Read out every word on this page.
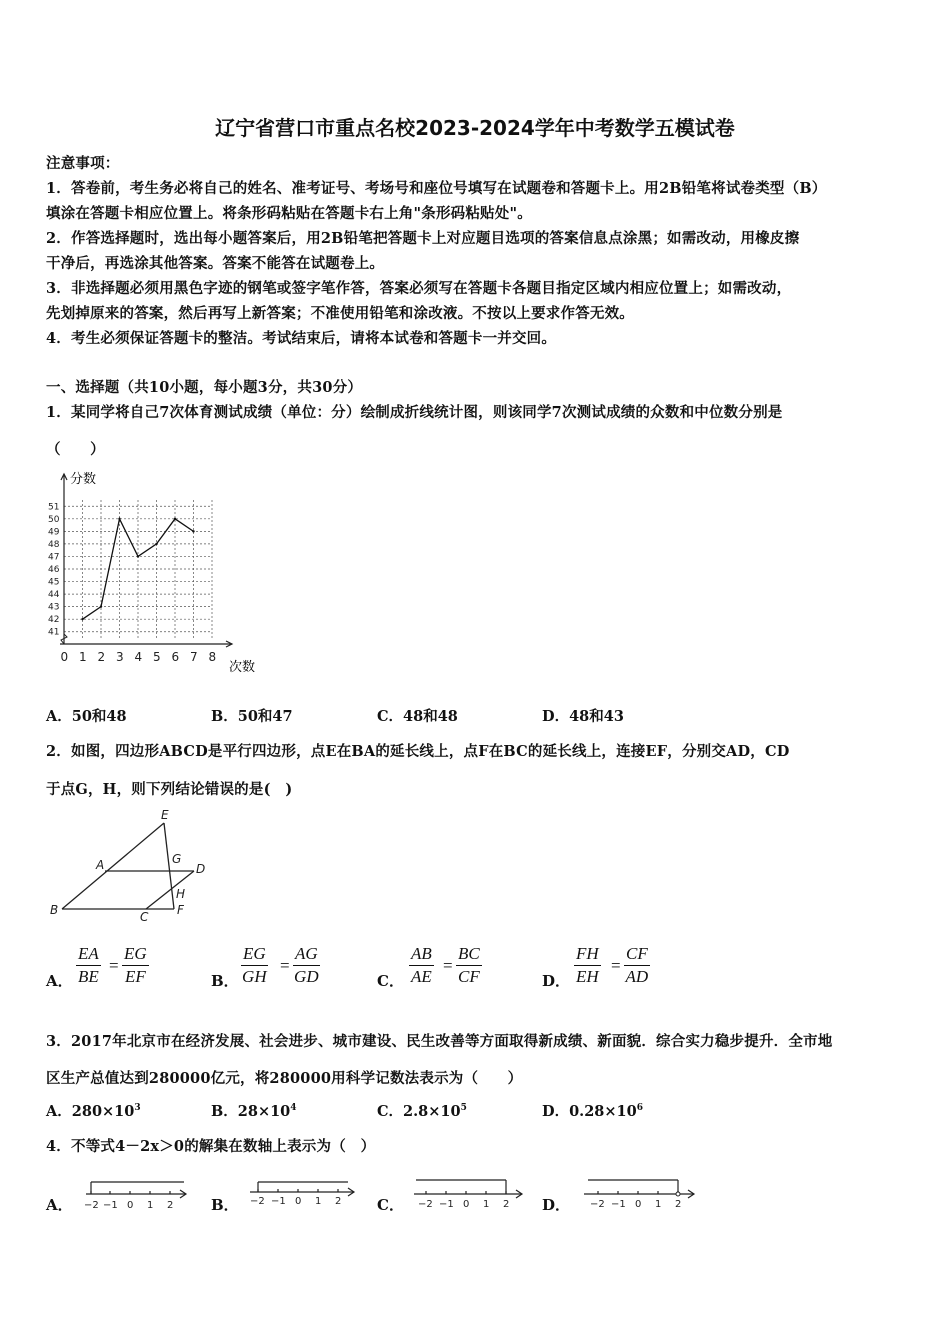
辽宁省营口市重点名校2023-2024学年中考数学五模试卷
注意事项：
1．答卷前，考生务必将自己的姓名、准考证号、考场号和座位号填写在试题卷和答题卡上。用2B铅笔将试卷类型（B）
填涂在答题卡相应位置上。将条形码粘贴在答题卡右上角"条形码粘贴处"。
2．作答选择题时，选出每小题答案后，用2B铅笔把答题卡上对应题目选项的答案信息点涂黑；如需改动，用橡皮擦
干净后，再选涂其他答案。答案不能答在试题卷上。
3．非选择题必须用黑色字迹的钢笔或签字笔作答，答案必须写在答题卡各题目指定区域内相应位置上；如需改动，
先划掉原来的答案，然后再写上新答案；不准使用铅笔和涂改液。不按以上要求作答无效。
4．考生必须保证答题卡的整洁。考试结束后，请将本试卷和答题卡一并交回。
一、选择题（共10小题，每小题3分，共30分）
1．某同学将自己7次体育测试成绩（单位：分）绘制成折线统计图，则该同学7次测试成绩的众数和中位数分别是
（　　）
41
42
43
44
45
46
47
48
49
50
51
0 1 2 3 4 5 6 7 8
分数
次数
A．50和48	B．50和47	C．48和48	D．48和43
2．如图，四边形ABCD是平行四边形，点E在BA的延长线上，点F在BC的延长线上，连接EF，分别交AD，CD
于点G，H，则下列结论错误的是(　)
E
A	G
D
H
B	C F
A． $\frac{EA}{BE} = \frac{EG}{EF}$	B． $\frac{EG}{GH} = \frac{AG}{GD}$	C． $\frac{AB}{AE} = \frac{BC}{CF}$	D． $\frac{FH}{EH} = \frac{CF}{AD}$
3．2017年北京市在经济发展、社会进步、城市建设、民生改善等方面取得新成绩、新面貌．综合实力稳步提升．全市地
区生产总值达到280000亿元，将280000用科学记数法表示为（　　）
A．$280\times 10^3$	B．$28\times 10^4$	C．$2.8\times 10^5$	D．$0.28\times 10^6$
4．不等式4－2x＞0的解集在数轴上表示为（　）
A． −2 −1 0 1 2	B． −2 −1 0 1 2 C． −2 −1 0 1 2 D． −2 −1 0 1 2
